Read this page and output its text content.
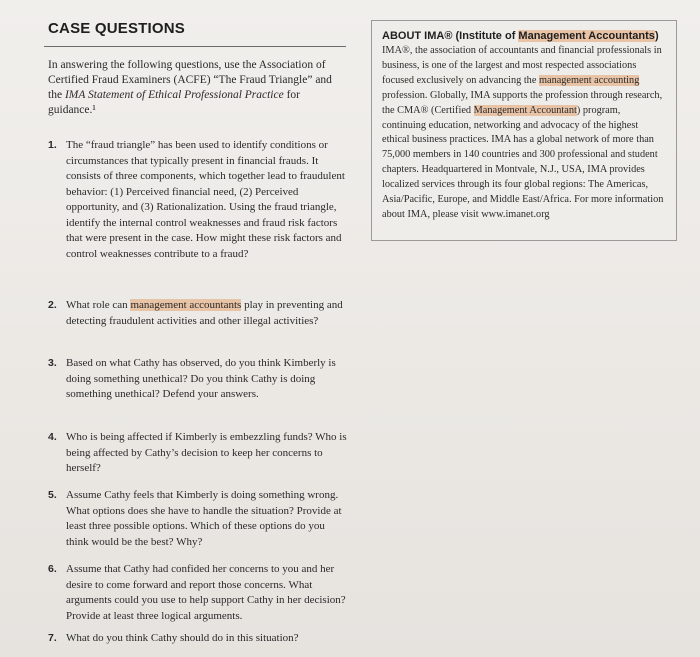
CASE QUESTIONS
In answering the following questions, use the Association of Certified Fraud Examiners (ACFE) “The Fraud Triangle” and the IMA Statement of Ethical Professional Practice for guidance.¹
1. The “fraud triangle” has been used to identify conditions or circumstances that typically present in financial frauds. It consists of three components, which together lead to fraudulent behavior: (1) Perceived financial need, (2) Perceived opportunity, and (3) Rationalization. Using the fraud triangle, identify the internal control weaknesses and fraud risk factors that were present in the case. How might these risk factors and control weaknesses contribute to a fraud?
2. What role can management accountants play in preventing and detecting fraudulent activities and other illegal activities?
3. Based on what Cathy has observed, do you think Kimberly is doing something unethical? Do you think Cathy is doing something unethical? Defend your answers.
4. Who is being affected if Kimberly is embezzling funds? Who is being affected by Cathy’s decision to keep her concerns to herself?
5. Assume Cathy feels that Kimberly is doing something wrong. What options does she have to handle the situation? Provide at least three possible options. Which of these options do you think would be the best? Why?
6. Assume that Cathy had confided her concerns to you and her desire to come forward and report those concerns. What arguments could you use to help support Cathy in her decision? Provide at least three logical arguments.
7. What do you think Cathy should do in this situation?
ABOUT IMA® (Institute of Management Accountants)
IMA®, the association of accountants and financial professionals in business, is one of the largest and most respected associations focused exclusively on advancing the management accounting profession. Globally, IMA supports the profession through research, the CMA® (Certified Management Accountant) program, continuing education, networking and advocacy of the highest ethical business practices. IMA has a global network of more than 75,000 members in 140 countries and 300 professional and student chapters. Headquartered in Montvale, N.J., USA, IMA provides localized services through its four global regions: The Americas, Asia/Pacific, Europe, and Middle East/Africa. For more information about IMA, please visit www.imanet.org
